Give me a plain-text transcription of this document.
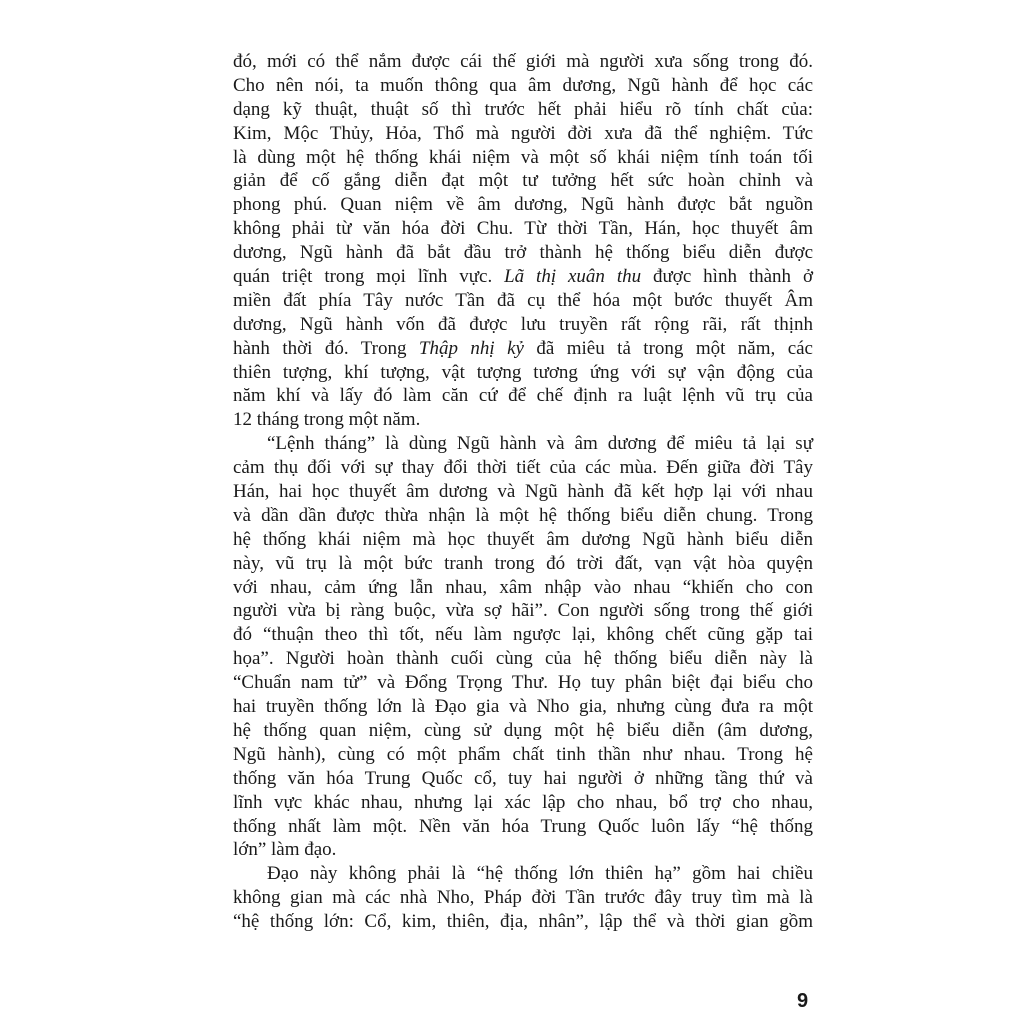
đó, mới có thể nắm được cái thế giới mà người xưa sống trong đó.
Cho nên nói, ta muốn thông qua âm dương, Ngũ hành để học các
dạng kỹ thuật, thuật số thì trước hết phải hiểu rõ tính chất của:
Kim, Mộc Thủy, Hỏa, Thổ mà người đời xưa đã thể nghiệm. Tức
là dùng một hệ thống khái niệm và một số khái niệm tính toán tối
giản để cố gắng diễn đạt một tư tưởng hết sức hoàn chỉnh và
phong phú. Quan niệm về âm dương, Ngũ hành được bắt nguồn
không phải từ văn hóa đời Chu. Từ thời Tần, Hán, học thuyết âm
dương, Ngũ hành đã bắt đầu trở thành hệ thống biểu diễn được
quán triệt trong mọi lĩnh vực. Lã thị xuân thu được hình thành ở
miền đất phía Tây nước Tần đã cụ thể hóa một bước thuyết Âm
dương, Ngũ hành vốn đã được lưu truyền rất rộng rãi, rất thịnh
hành thời đó. Trong Thập nhị kỷ đã miêu tả trong một năm, các
thiên tượng, khí tượng, vật tượng tương ứng với sự vận động của
năm khí và lấy đó làm căn cứ để chế định ra luật lệnh vũ trụ của
12 tháng trong một năm.
“Lệnh tháng” là dùng Ngũ hành và âm dương để miêu tả lại sự
cảm thụ đối với sự thay đổi thời tiết của các mùa. Đến giữa đời Tây
Hán, hai học thuyết âm dương và Ngũ hành đã kết hợp lại với nhau
và dần dần được thừa nhận là một hệ thống biểu diễn chung. Trong
hệ thống khái niệm mà học thuyết âm dương Ngũ hành biểu diễn
này, vũ trụ là một bức tranh trong đó trời đất, vạn vật hòa quyện
với nhau, cảm ứng lẫn nhau, xâm nhập vào nhau “khiến cho con
người vừa bị ràng buộc, vừa sợ hãi”. Con người sống trong thế giới
đó “thuận theo thì tốt, nếu làm ngược lại, không chết cũng gặp tai
họa”. Người hoàn thành cuối cùng của hệ thống biểu diễn này là
“Chuẩn nam tử” và Đổng Trọng Thư. Họ tuy phân biệt đại biểu cho
hai truyền thống lớn là Đạo gia và Nho gia, nhưng cùng đưa ra một
hệ thống quan niệm, cùng sử dụng một hệ biểu diễn (âm dương,
Ngũ hành), cùng có một phẩm chất tinh thần như nhau. Trong hệ
thống văn hóa Trung Quốc cổ, tuy hai người ở những tầng thứ và
lĩnh vực khác nhau, nhưng lại xác lập cho nhau, bổ trợ cho nhau,
thống nhất làm một. Nền văn hóa Trung Quốc luôn lấy “hệ thống
lớn” làm đạo.
Đạo này không phải là “hệ thống lớn thiên hạ” gồm hai chiều
không gian mà các nhà Nho, Pháp đời Tần trước đây truy tìm mà là
“hệ thống lớn: Cổ, kim, thiên, địa, nhân”, lập thể và thời gian gồm
9
